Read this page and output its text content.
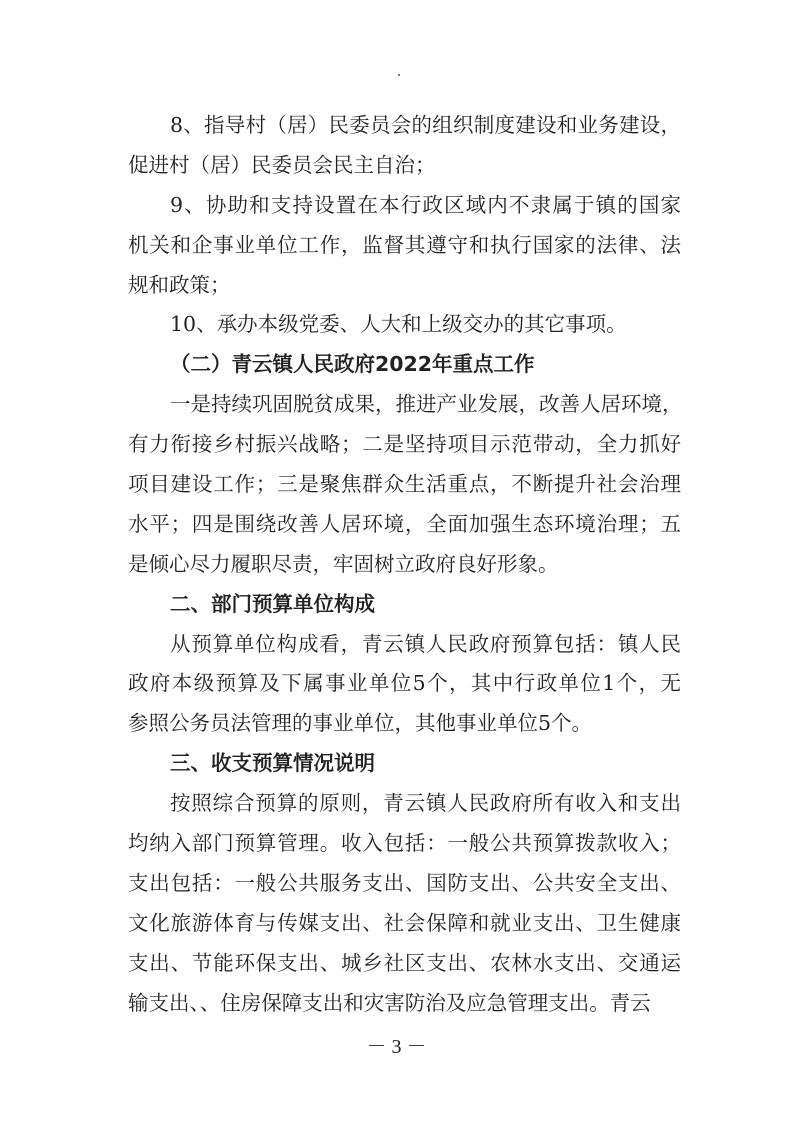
8、指导村（居）民委员会的组织制度建设和业务建设，
促进村（居）民委员会民主自治；
9、协助和支持设置在本行政区域内不隶属于镇的国家
机关和企事业单位工作，监督其遵守和执行国家的法律、法
规和政策；
10、承办本级党委、人大和上级交办的其它事项。
（二）青云镇人民政府2022年重点工作
一是持续巩固脱贫成果，推进产业发展，改善人居环境，
有力衔接乡村振兴战略；二是坚持项目示范带动，全力抓好
项目建设工作；三是聚焦群众生活重点，不断提升社会治理
水平；四是围绕改善人居环境，全面加强生态环境治理；五
是倾心尽力履职尽责，牢固树立政府良好形象。
二、部门预算单位构成
从预算单位构成看，青云镇人民政府预算包括：镇人民
政府本级预算及下属事业单位5个，其中行政单位1个，无
参照公务员法管理的事业单位，其他事业单位5个。
三、收支预算情况说明
按照综合预算的原则，青云镇人民政府所有收入和支出
均纳入部门预算管理。收入包括：一般公共预算拨款收入；
支出包括：一般公共服务支出、国防支出、公共安全支出、
文化旅游体育与传媒支出、社会保障和就业支出、卫生健康
支出、节能环保支出、城乡社区支出、农林水支出、交通运
输支出、、住房保障支出和灾害防治及应急管理支出。青云
－ 3 －
